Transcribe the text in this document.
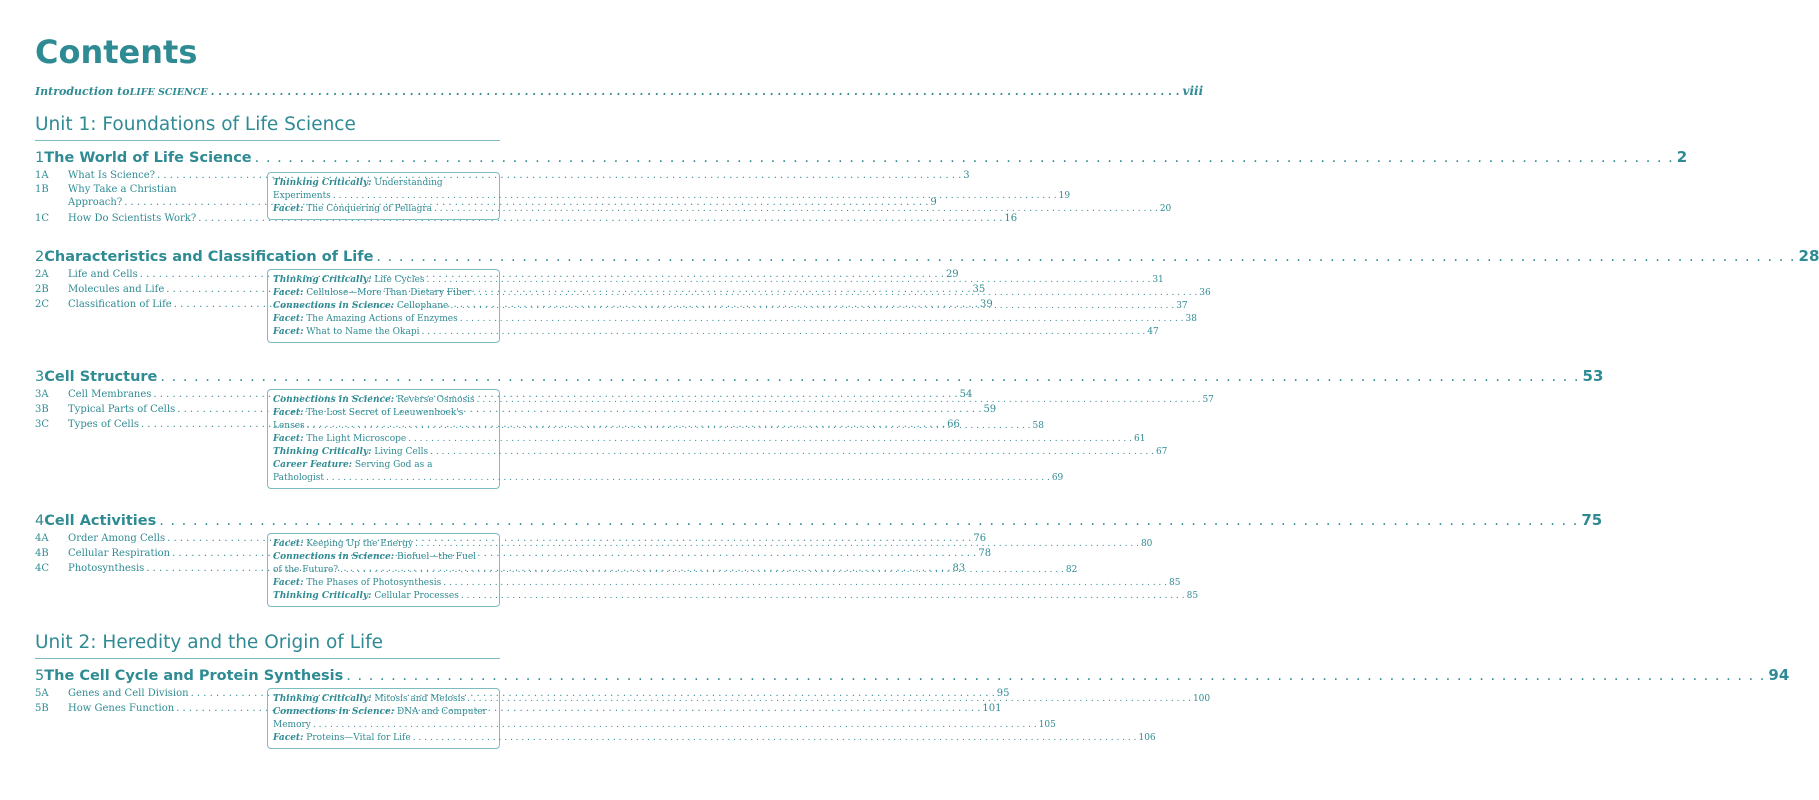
Contents
Introduction to LIFE SCIENCE . . .	viii
Unit 1: Foundations of Life Science
1 The World of Life Science . . .	2
1A	What Is Science? . . .	3
1B	Why Take a Christian
Approach? . . .	9
1C	How Do Scientists Work? . . .	16
Thinking Critically: Understanding
Experiments . . .	19
Facet: The Conquering of Pellagra . . .	20
2 Characteristics and Classification of Life . . .	28
2A	Life and Cells . . .	29
2B	Molecules and Life . . .	35
2C	Classification of Life . . .	39
Thinking Critically: Life Cycles . . .	31
Facet: Cellulose—More Than Dietary Fiber . . .	36
Connections in Science: Cellophane . . .	37
Facet: The Amazing Actions of Enzymes . . .	38
Facet: What to Name the Okapi . . .	47
3 Cell Structure . . .	53
3A	Cell Membranes . . .	54
3B	Typical Parts of Cells . . .	59
3C	Types of Cells . . .	66
Connections in Science: Reverse Osmosis . . .	57
Facet: The Lost Secret of Leeuwenhoek's
Lenses . . .	58
Facet: The Light Microscope . . .	61
Thinking Critically: Living Cells . . .	67
Career Feature: Serving God as a
Pathologist . . .	69
4 Cell Activities . . .	75
4A	Order Among Cells . . .	76
4B	Cellular Respiration . . .	78
4C	Photosynthesis . . .	83
Facet: Keeping Up the Energy . . .	80
Connections in Science: Biofuel—the Fuel
of the Future? . . .	82
Facet: The Phases of Photosynthesis . . .	85
Thinking Critically: Cellular Processes . . .	85
Unit 2: Heredity and the Origin of Life
5 The Cell Cycle and Protein Synthesis . . .	94
5A	Genes and Cell Division . . .	95
5B	How Genes Function . . .	101
Thinking Critically: Mitosis and Meiosis . . .	100
Connections in Science: DNA and Computer
Memory . . .	105
Facet: Proteins—Vital for Life . . .	106
